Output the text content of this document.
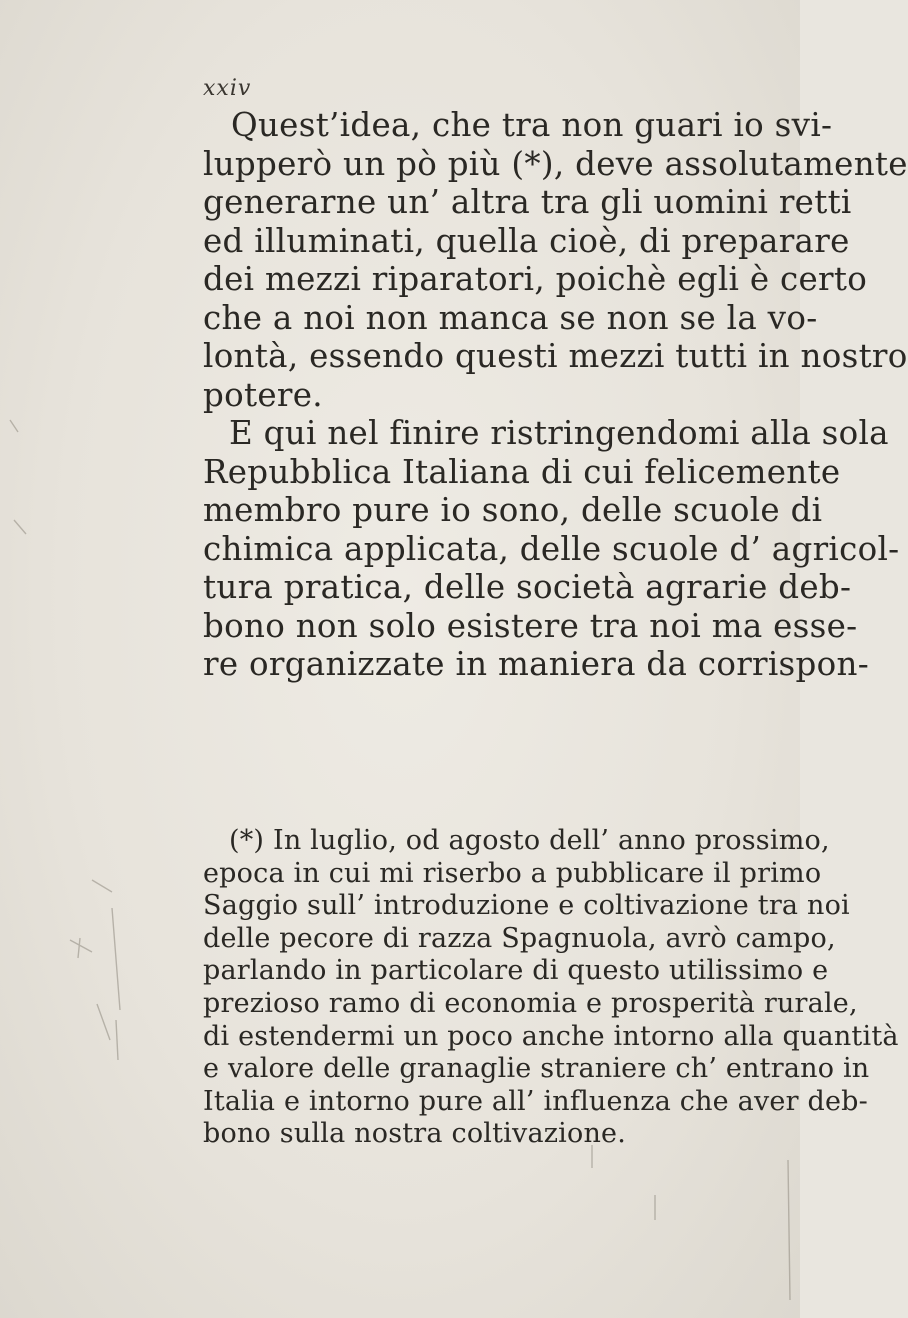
xxiv
Quest’idea, che tra non guari io svi-
lupperò un pò più (*), deve assolutamente
generarne un’ altra tra gli uomini retti
ed illuminati, quella cioè, di preparare
dei mezzi riparatori, poichè egli è certo
che a noi non manca se non se la vo-
lontà, essendo questi mezzi tutti in nostro
potere.
E qui nel finire ristringendomi alla sola
Repubblica Italiana di cui felicemente
membro pure io sono, delle scuole di
chimica applicata, delle scuole d’ agricol-
tura pratica, delle società agrarie deb-
bono non solo esistere tra noi ma esse-
re organizzate in maniera da corrispon-
(*) In luglio, od agosto dell’ anno prossimo,
epoca in cui mi riserbo a pubblicare il primo
Saggio sull’ introduzione e coltivazione tra noi
delle pecore di razza Spagnuola, avrò campo,
parlando in particolare di questo utilissimo e
prezioso ramo di economia e prosperità rurale,
di estendermi un poco anche intorno alla quantità
e valore delle granaglie straniere ch’ entrano in
Italia e intorno pure all’ influenza che aver deb-
bono sulla nostra coltivazione.
